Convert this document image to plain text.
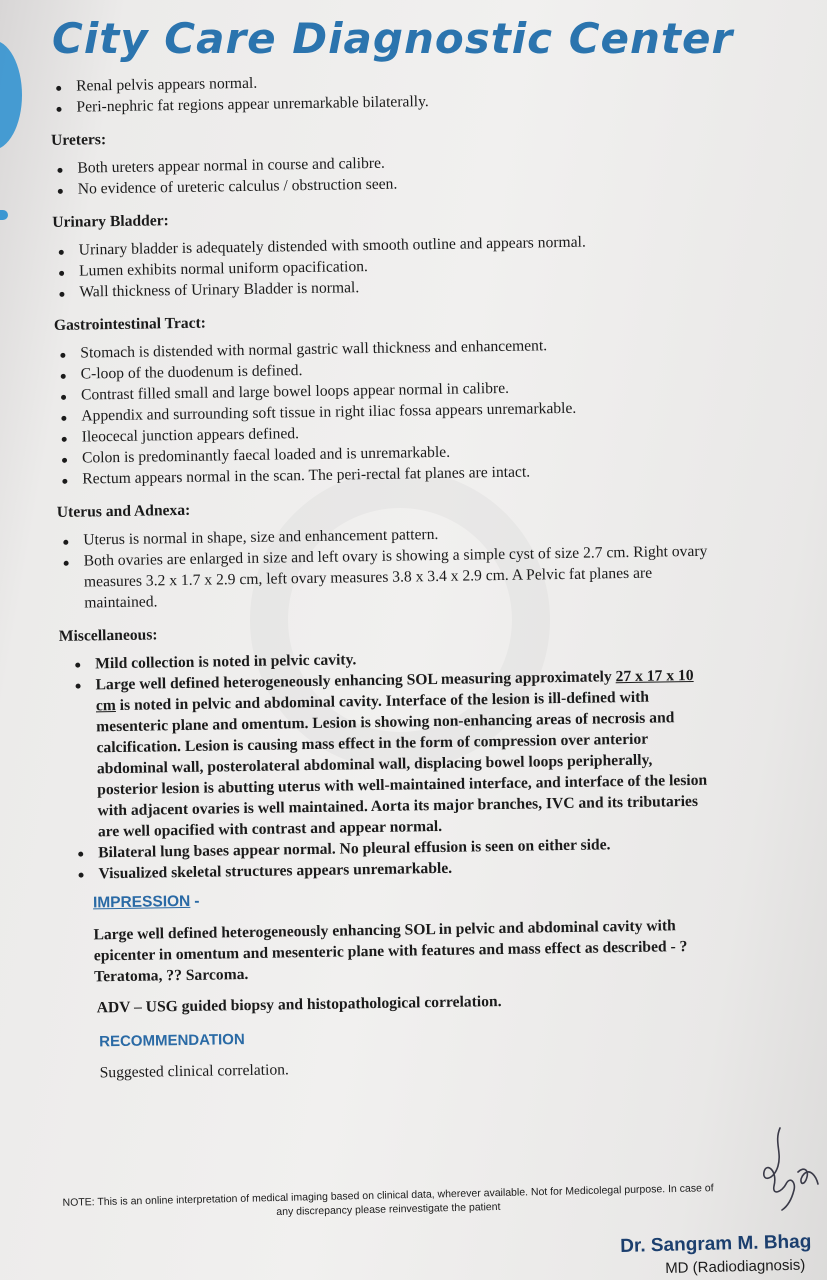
City Care Diagnostic Center
Renal pelvis appears normal.
Peri-nephric fat regions appear unremarkable bilaterally.
Ureters:
Both ureters appear normal in course and calibre.
No evidence of ureteric calculus / obstruction seen.
Urinary Bladder:
Urinary bladder is adequately distended with smooth outline and appears normal.
Lumen exhibits normal uniform opacification.
Wall thickness of Urinary Bladder is normal.
Gastrointestinal Tract:
Stomach is distended with normal gastric wall thickness and enhancement.
C-loop of the duodenum is defined.
Contrast filled small and large bowel loops appear normal in calibre.
Appendix and surrounding soft tissue in right iliac fossa appears unremarkable.
Ileocecal junction appears defined.
Colon is predominantly faecal loaded and is unremarkable.
Rectum appears normal in the scan. The peri-rectal fat planes are intact.
Uterus and Adnexa:
Uterus is normal in shape, size and enhancement pattern.
Both ovaries are enlarged in size and left ovary is showing a simple cyst of size 2.7 cm. Right ovary measures 3.2 x 1.7 x 2.9 cm, left ovary measures 3.8 x 3.4 x 2.9 cm. A Pelvic fat planes are maintained.
Miscellaneous:
Mild collection is noted in pelvic cavity.
Large well defined heterogeneously enhancing SOL measuring approximately 27 x 17 x 10 cm is noted in pelvic and abdominal cavity. Interface of the lesion is ill-defined with mesenteric plane and omentum. Lesion is showing non-enhancing areas of necrosis and calcification. Lesion is causing mass effect in the form of compression over anterior abdominal wall, posterolateral abdominal wall, displacing bowel loops peripherally, posterior lesion is abutting uterus with well-maintained interface, and interface of the lesion with adjacent ovaries is well maintained. Aorta its major branches, IVC and its tributaries are well opacified with contrast and appear normal.
Bilateral lung bases appear normal. No pleural effusion is seen on either side.
Visualized skeletal structures appears unremarkable.
IMPRESSION -
Large well defined heterogeneously enhancing SOL in pelvic and abdominal cavity with epicenter in omentum and mesenteric plane with features and mass effect as described - ? Teratoma, ?? Sarcoma.
ADV – USG guided biopsy and histopathological correlation.
RECOMMENDATION
Suggested clinical correlation.
NOTE: This is an online interpretation of medical imaging based on clinical data, wherever available. Not for Medicolegal purpose. In case of any discrepancy please reinvestigate the patient
Dr. Sangram M. Bhag
MD (Radiodiagnosis)
